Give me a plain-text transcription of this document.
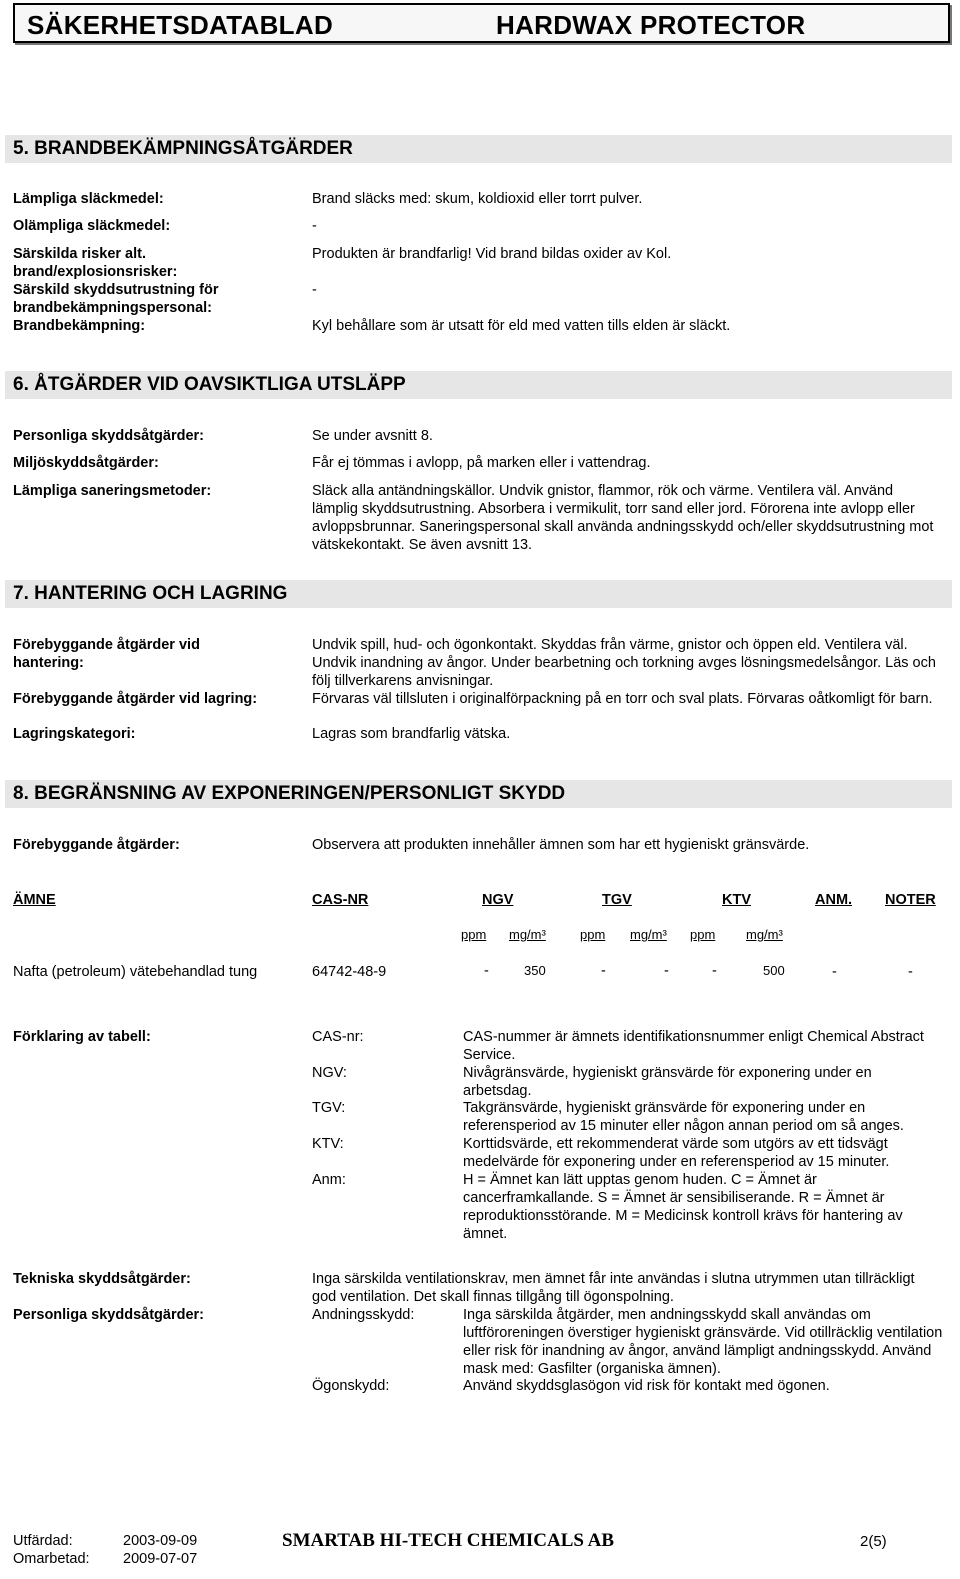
SÄKERHETSDATABLAD	HARDWAX PROTECTOR
5. BRANDBEKÄMPNINGSÅTGÄRDER
Lämpliga släckmedel:	Brand släcks med: skum, koldioxid eller torrt pulver.
Olämpliga släckmedel:	-
Särskilda risker alt. brand/explosionsrisker:
Produkten är brandfarlig! Vid brand bildas oxider av Kol.
Särskild skyddsutrustning för brandbekämpningspersonal:
-
Brandbekämpning:	Kyl behållare som är utsatt för eld med vatten tills elden är släckt.
6. ÅTGÄRDER VID OAVSIKTLIGA UTSLÄPP
Personliga skyddsåtgärder:	Se under avsnitt 8.
Miljöskyddsåtgärder:	Får ej tömmas i avlopp, på marken eller i vattendrag.
Lämpliga saneringsmetoder:	Släck alla antändningskällor. Undvik gnistor, flammor, rök och värme. Ventilera väl. Använd lämplig skyddsutrustning. Absorbera i vermikulit, torr sand eller jord. Förorena inte avlopp eller avloppsbrunnar. Saneringspersonal skall använda andningsskydd och/eller skyddsutrustning mot vätskekontakt. Se även avsnitt 13.
7. HANTERING OCH LAGRING
Förebyggande åtgärder vid hantering:
Undvik spill, hud- och ögonkontakt. Skyddas från värme, gnistor och öppen eld. Ventilera väl. Undvik inandning av ångor. Under bearbetning och torkning avges lösningsmedelsångor. Läs och följ tillverkarens anvisningar.
Förebyggande åtgärder vid lagring:	Förvaras väl tillsluten i originalförpackning på en torr och sval plats. Förvaras oåtkomligt för barn.
Lagringskategori:	Lagras som brandfarlig vätska.
8. BEGRÄNSNING AV EXPONERINGEN/PERSONLIGT SKYDD
Förebyggande åtgärder:	Observera att produkten innehåller ämnen som har ett hygieniskt gränsvärde.
ÄMNE	CAS-NR	NGV	TGV	KTV	ANM. NOTER
ppm mg/m³	ppm mg/m³ ppm mg/m³
Nafta (petroleum) vätebehandlad tung	64742-48-9	-	350	-	-	-	500	-	-
Förklaring av tabell:	CAS-nr:	CAS-nummer är ämnets identifikationsnummer enligt Chemical Abstract Service.
NGV:	Nivågränsvärde, hygieniskt gränsvärde för exponering under en arbetsdag.
TGV:	Takgränsvärde, hygieniskt gränsvärde för exponering under en referensperiod av 15 minuter eller någon annan period om så anges.
KTV:	Korttidsvärde, ett rekommenderat värde som utgörs av ett tidsvägt medelvärde för exponering under en referensperiod av 15 minuter.
Anm:	H = Ämnet kan lätt upptas genom huden. C = Ämnet är cancerframkallande. S = Ämnet är sensibiliserande. R = Ämnet är reproduktionsstörande. M = Medicinsk kontroll krävs för hantering av ämnet.
Tekniska skyddsåtgärder:	Inga särskilda ventilationskrav, men ämnet får inte användas i slutna utrymmen utan tillräckligt god ventilation. Det skall finnas tillgång till ögonspolning.
Personliga skyddsåtgärder:	Andningsskydd:	Inga särskilda åtgärder, men andningsskydd skall användas om luftföroreningen överstiger hygieniskt gränsvärde. Vid otillräcklig ventilation eller risk för inandning av ångor, använd lämpligt andningsskydd. Använd mask med: Gasfilter (organiska ämnen).
Ögonskydd:	Använd skyddsglasögon vid risk för kontakt med ögonen.
Utfärdad:	2003-09-09
Omarbetad: 2009-07-07
SMARTAB HI-TECH CHEMICALS AB	2(5)
